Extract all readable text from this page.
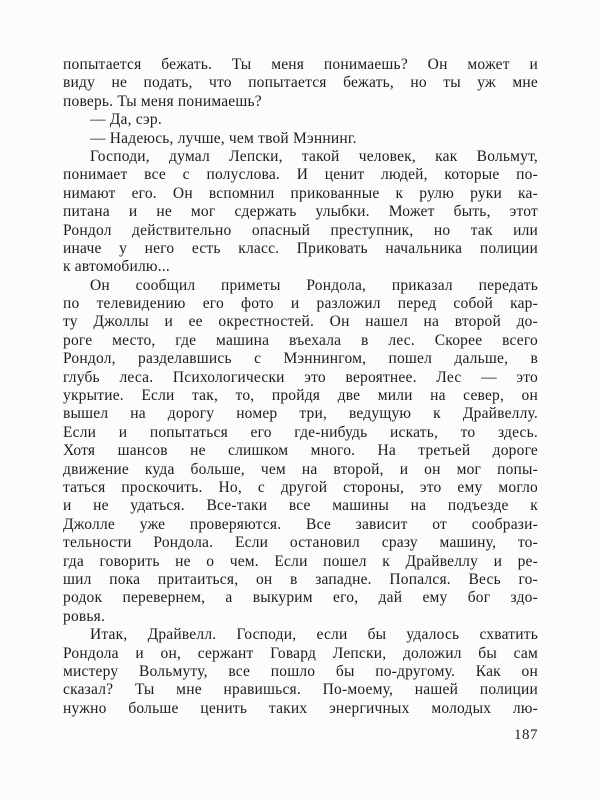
попытается бежать. Ты меня понимаешь? Он может и
виду не подать, что попытается бежать, но ты уж мне
поверь. Ты меня понимаешь?
— Да, сэр.
— Надеюсь, лучше, чем твой Мэннинг.
Господи, думал Лепски, такой человек, как Вольмут,
понимает все с полуслова. И ценит людей, которые по-
нимают его. Он вспомнил прикованные к рулю руки ка-
питана и не мог сдержать улыбки. Может быть, этот
Рондол действительно опасный преступник, но так или
иначе у него есть класс. Приковать начальника полиции
к автомобилю...
Он сообщил приметы Рондола, приказал передать
по телевидению его фото и разложил перед собой кар-
ту Джоллы и ее окрестностей. Он нашел на второй до-
роге место, где машина въехала в лес. Скорее всего
Рондол, разделавшись с Мэннингом, пошел дальше, в
глубь леса. Психологически это вероятнее. Лес — это
укрытие. Если так, то, пройдя две мили на север, он
вышел на дорогу номер три, ведущую к Драйвеллу.
Если и попытаться его где-нибудь искать, то здесь.
Хотя шансов не слишком много. На третьей дороге
движение куда больше, чем на второй, и он мог попы-
таться проскочить. Но, с другой стороны, это ему могло
и не удаться. Все-таки все машины на подъезде к
Джолле уже проверяются. Все зависит от сообрази-
тельности Рондола. Если остановил сразу машину, то-
гда говорить не о чем. Если пошел к Драйвеллу и ре-
шил пока притаиться, он в западне. Попался. Весь го-
родок перевернем, а выкурим его, дай ему бог здо-
ровья.
Итак, Драйвелл. Господи, если бы удалось схватить
Рондола и он, сержант Говард Лепски, доложил бы сам
мистеру Вольмуту, все пошло бы по-другому. Как он
сказал? Ты мне нравишься. По-моему, нашей полиции
нужно больше ценить таких энергичных молодых лю-
187
